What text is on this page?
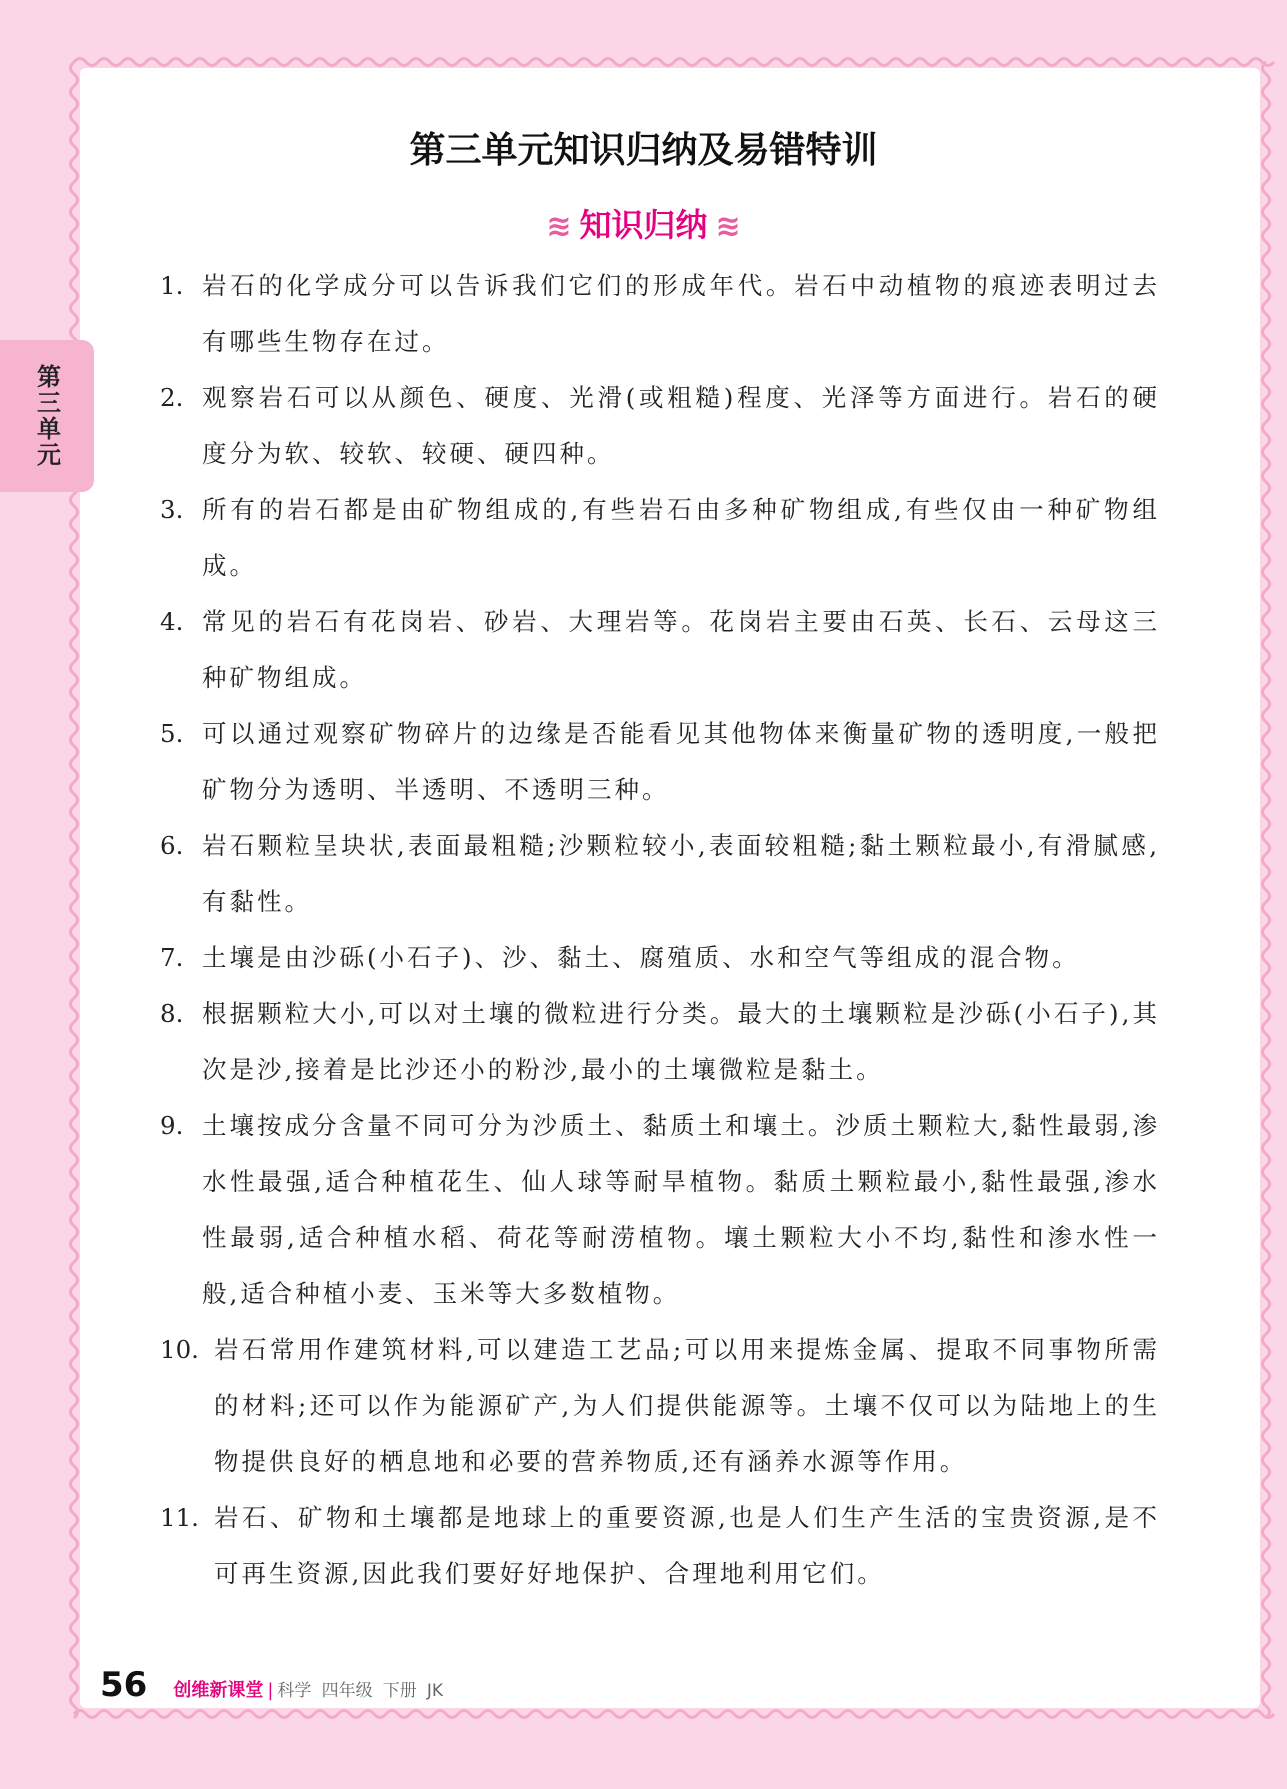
第三单元
第三单元知识归纳及易错特训
≋ 知识归纳 ≋
1. 岩石的化学成分可以告诉我们它们的形成年代。岩石中动植物的痕迹表明过去有哪些生物存在过。
2. 观察岩石可以从颜色、硬度、光滑(或粗糙)程度、光泽等方面进行。岩石的硬度分为软、较软、较硬、硬四种。
3. 所有的岩石都是由矿物组成的,有些岩石由多种矿物组成,有些仅由一种矿物组成。
4. 常见的岩石有花岗岩、砂岩、大理岩等。花岗岩主要由石英、长石、云母这三种矿物组成。
5. 可以通过观察矿物碎片的边缘是否能看见其他物体来衡量矿物的透明度,一般把矿物分为透明、半透明、不透明三种。
6. 岩石颗粒呈块状,表面最粗糙;沙颗粒较小,表面较粗糙;黏土颗粒最小,有滑腻感,有黏性。
7. 土壤是由沙砾(小石子)、沙、黏土、腐殖质、水和空气等组成的混合物。
8. 根据颗粒大小,可以对土壤的微粒进行分类。最大的土壤颗粒是沙砾(小石子),其次是沙,接着是比沙还小的粉沙,最小的土壤微粒是黏土。
9. 土壤按成分含量不同可分为沙质土、黏质土和壤土。沙质土颗粒大,黏性最弱,渗水性最强,适合种植花生、仙人球等耐旱植物。黏质土颗粒最小,黏性最强,渗水性最弱,适合种植水稻、荷花等耐涝植物。壤土颗粒大小不均,黏性和渗水性一般,适合种植小麦、玉米等大多数植物。
10. 岩石常用作建筑材料,可以建造工艺品;可以用来提炼金属、提取不同事物所需的材料;还可以作为能源矿产,为人们提供能源等。土壤不仅可以为陆地上的生物提供良好的栖息地和必要的营养物质,还有涵养水源等作用。
11. 岩石、矿物和土壤都是地球上的重要资源,也是人们生产生活的宝贵资源,是不可再生资源,因此我们要好好地保护、合理地利用它们。
56 创维新课堂 | 科学
四年级
下册
JK
